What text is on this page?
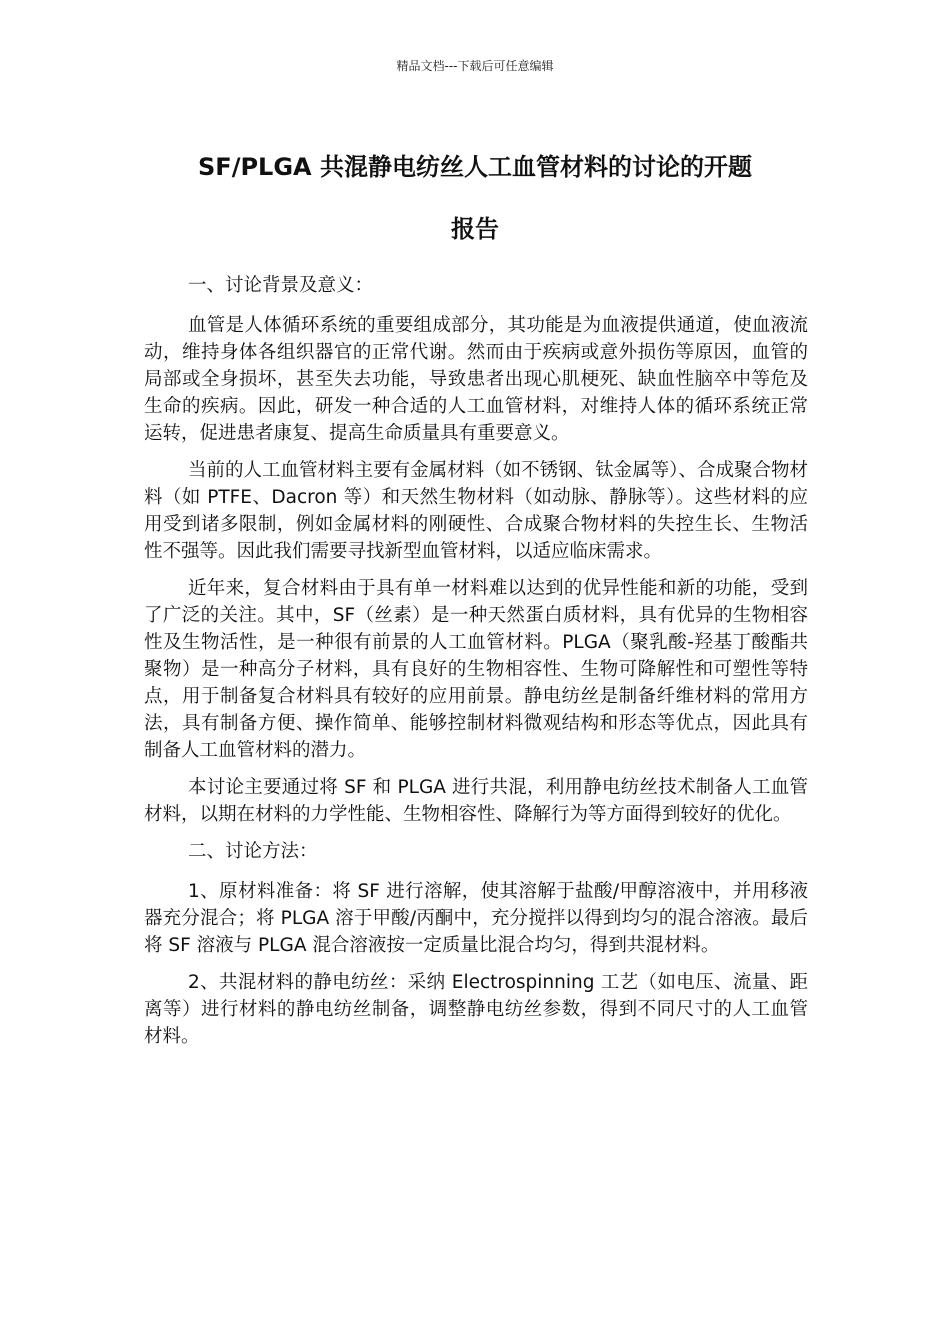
精品文档---下载后可任意编辑
SF/PLGA 共混静电纺丝人工血管材料的讨论的开题
报告

一、讨论背景及意义：

血管是人体循环系统的重要组成部分，其功能是为血液提供通道，使血液流动，维持身体各组织器官的正常代谢。然而由于疾病或意外损伤等原因，血管的局部或全身损坏，甚至失去功能，导致患者出现心肌梗死、缺血性脑卒中等危及生命的疾病。因此，研发一种合适的人工血管材料，对维持人体的循环系统正常运转，促进患者康复、提高生命质量具有重要意义。

当前的人工血管材料主要有金属材料（如不锈钢、钛金属等）、合成聚合物材料（如 PTFE、Dacron 等）和天然生物材料（如动脉、静脉等）。这些材料的应用受到诸多限制，例如金属材料的刚硬性、合成聚合物材料的失控生长、生物活性不强等。因此我们需要寻找新型血管材料，以适应临床需求。

近年来，复合材料由于具有单一材料难以达到的优异性能和新的功能，受到了广泛的关注。其中，SF（丝素）是一种天然蛋白质材料，具有优异的生物相容性及生物活性，是一种很有前景的人工血管材料。PLGA（聚乳酸-羟基丁酸酯共聚物）是一种高分子材料，具有良好的生物相容性、生物可降解性和可塑性等特点，用于制备复合材料具有较好的应用前景。静电纺丝是制备纤维材料的常用方法，具有制备方便、操作简单、能够控制材料微观结构和形态等优点，因此具有制备人工血管材料的潜力。

本讨论主要通过将 SF 和 PLGA 进行共混，利用静电纺丝技术制备人工血管材料，以期在材料的力学性能、生物相容性、降解行为等方面得到较好的优化。

二、讨论方法：

1、原材料准备：将 SF 进行溶解，使其溶解于盐酸/甲醇溶液中，并用移液器充分混合；将 PLGA 溶于甲酸/丙酮中，充分搅拌以得到均匀的混合溶液。最后将 SF 溶液与 PLGA 混合溶液按一定质量比混合均匀，得到共混材料。

2、共混材料的静电纺丝：采纳 Electrospinning 工艺（如电压、流量、距离等）进行材料的静电纺丝制备，调整静电纺丝参数，得到不同尺寸的人工血管材料。
